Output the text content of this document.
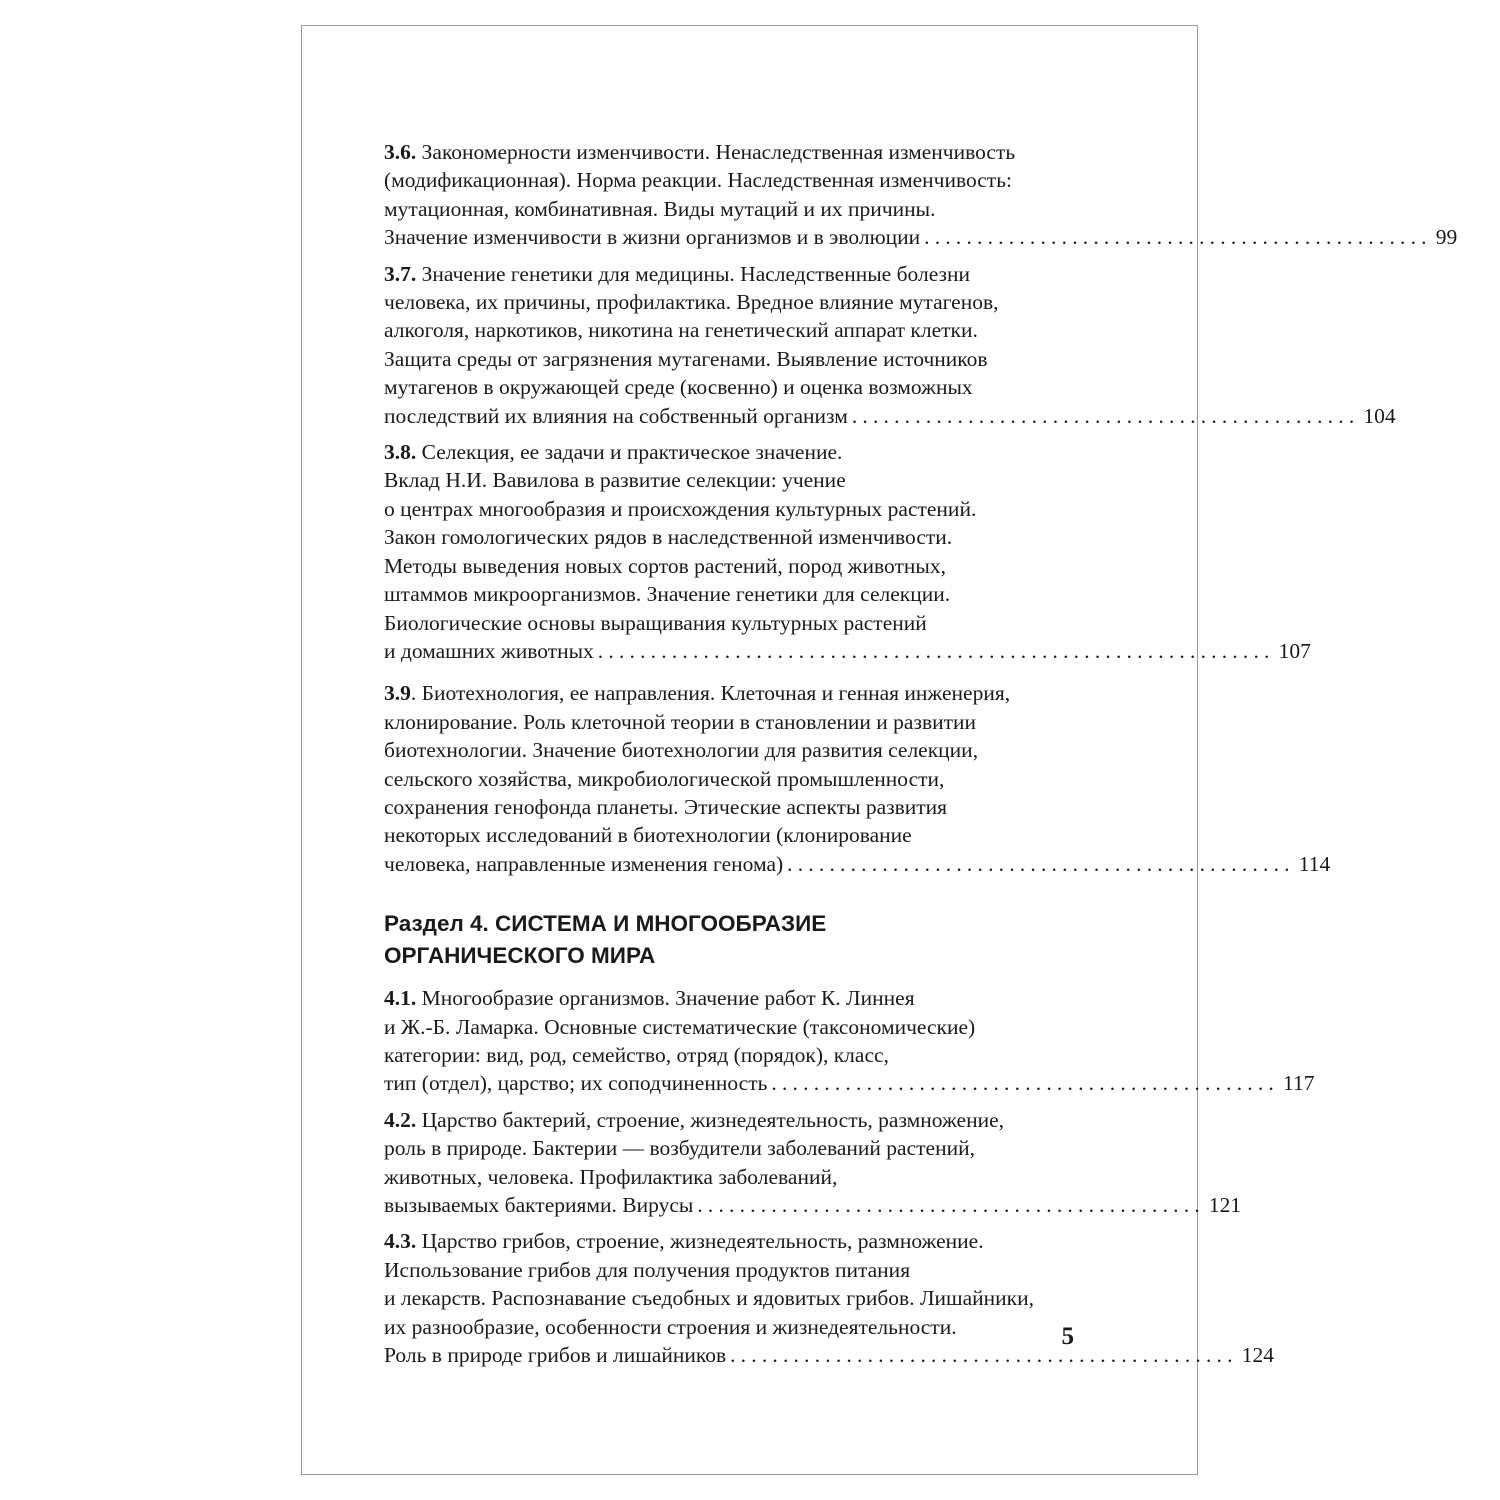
3.6. Закономерности изменчивости. Ненаследственная изменчивость
(модификационная). Норма реакции. Наследственная изменчивость:
мутационная, комбинативная. Виды мутаций и их причины.
Значение изменчивости в жизни организмов и в эволюции ................................................ 99
3.7. Значение генетики для медицины. Наследственные болезни
человека, их причины, профилактика. Вредное влияние мутагенов,
алкоголя, наркотиков, никотина на генетический аппарат клетки.
Защита среды от загрязнения мутагенами. Выявление источников
мутагенов в окружающей среде (косвенно) и оценка возможных
последствий их влияния на собственный организм ................................................ 104
3.8. Селекция, ее задачи и практическое значение.
Вклад Н.И. Вавилова в развитие селекции: учение
о центрах многообразия и происхождения культурных растений.
Закон гомологических рядов в наследственной изменчивости.
Методы выведения новых сортов растений, пород животных,
штаммов микроорганизмов. Значение генетики для селекции.
Биологические основы выращивания культурных растений
и домашних животных ................................................................ 107
3.9. Биотехнология, ее направления. Клеточная и генная инженерия,
клонирование. Роль клеточной теории в становлении и развитии
биотехнологии. Значение биотехнологии для развития селекции,
сельского хозяйства, микробиологической промышленности,
сохранения генофонда планеты. Этические аспекты развития
некоторых исследований в биотехнологии (клонирование
человека, направленные изменения генома) ................................................ 114
Раздел 4. СИСТЕМА И МНОГООБРАЗИЕ
ОРГАНИЧЕСКОГО МИРА
4.1. Многообразие организмов. Значение работ К. Линнея
и Ж.-Б. Ламарка. Основные систематические (таксономические)
категории: вид, род, семейство, отряд (порядок), класс,
тип (отдел), царство; их соподчиненность ................................................ 117
4.2. Царство бактерий, строение, жизнедеятельность, размножение,
роль в природе. Бактерии — возбудители заболеваний растений,
животных, человека. Профилактика заболеваний,
вызываемых бактериями. Вирусы ................................................ 121
4.3. Царство грибов, строение, жизнедеятельность, размножение.
Использование грибов для получения продуктов питания
и лекарств. Распознавание съедобных и ядовитых грибов. Лишайники,
их разнообразие, особенности строения и жизнедеятельности.
Роль в природе грибов и лишайников ................................................ 124
5
